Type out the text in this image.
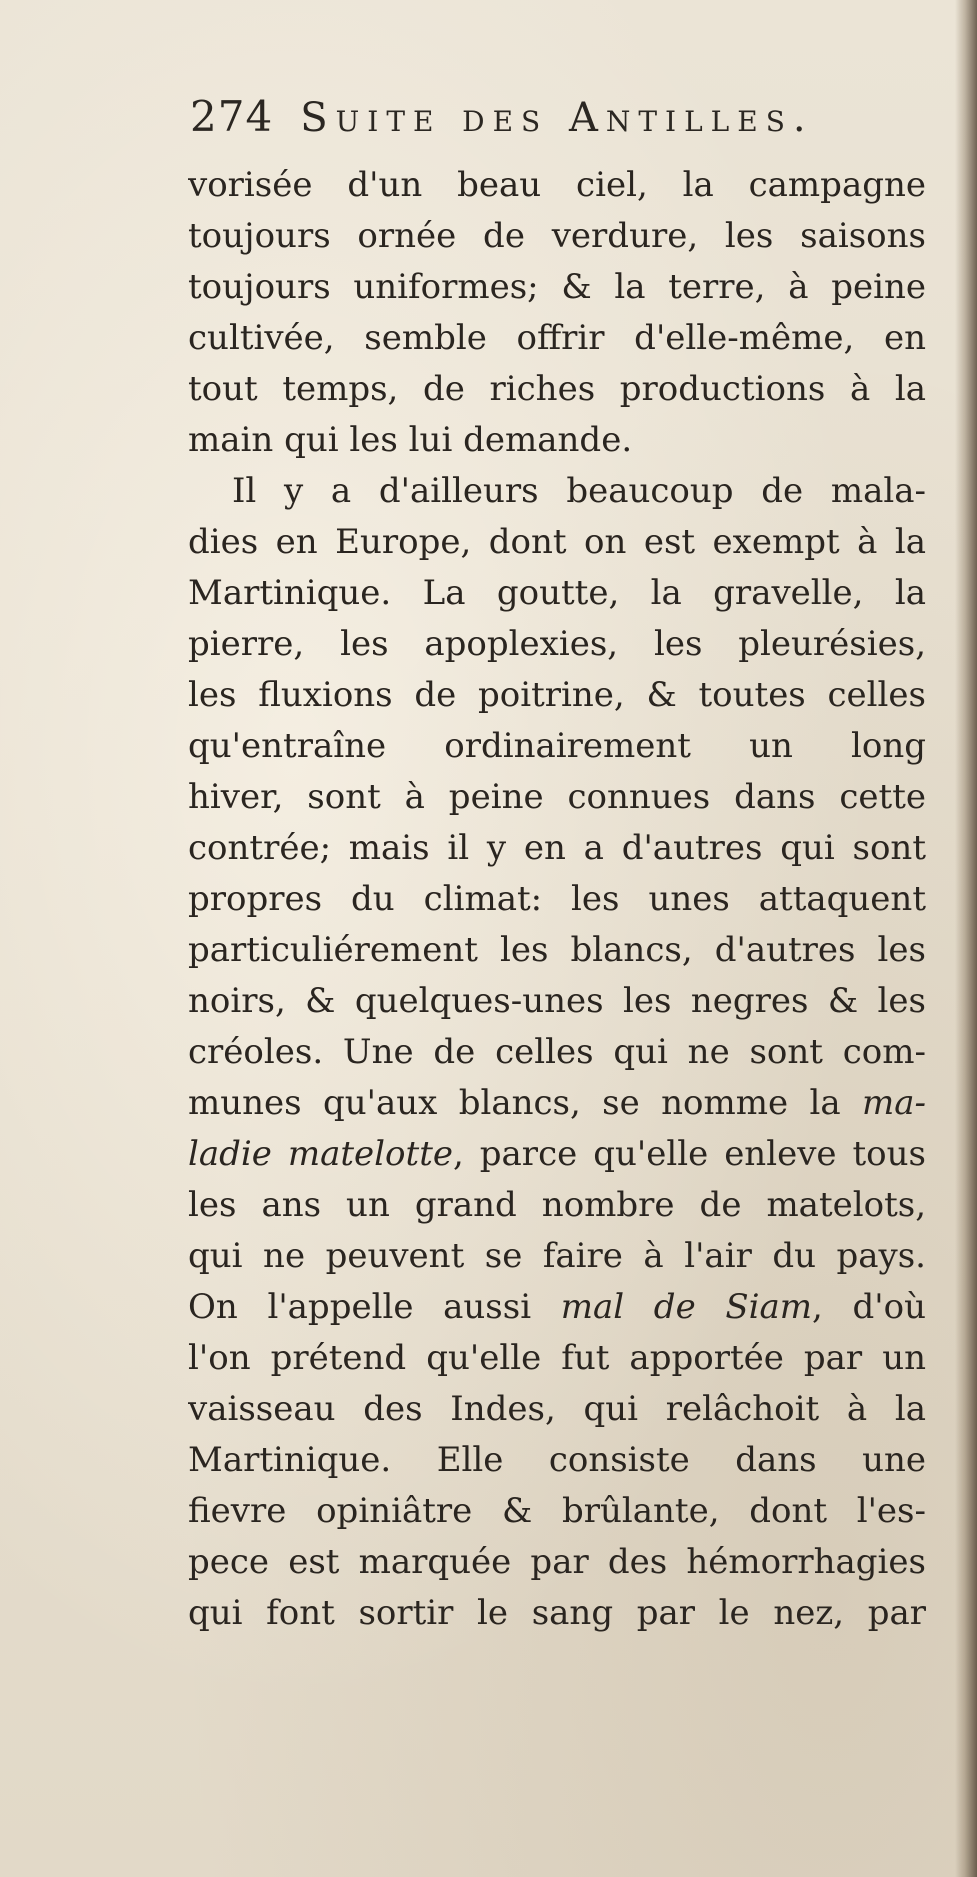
274 Suite des Antilles.
vorisée d'un beau ciel, la campagne
toujours ornée de verdure, les saisons
toujours uniformes; & la terre, à peine
cultivée, semble offrir d'elle-même, en
tout temps, de riches productions à la
main qui les lui demande.
Il y a d'ailleurs beaucoup de mala-
dies en Europe, dont on est exempt à la
Martinique. La goutte, la gravelle, la
pierre, les apoplexies, les pleurésies,
les fluxions de poitrine, & toutes celles
qu'entraîne ordinairement un long
hiver, sont à peine connues dans cette
contrée; mais il y en a d'autres qui sont
propres du climat: les unes attaquent
particuliérement les blancs, d'autres les
noirs, & quelques-unes les negres & les
créoles. Une de celles qui ne sont com-
munes qu'aux blancs, se nomme la ma-
ladie matelotte, parce qu'elle enleve tous
les ans un grand nombre de matelots,
qui ne peuvent se faire à l'air du pays.
On l'appelle aussi mal de Siam, d'où
l'on prétend qu'elle fut apportée par un
vaisseau des Indes, qui relâchoit à la
Martinique. Elle consiste dans une
fievre opiniâtre & brûlante, dont l'es-
pece est marquée par des hémorrhagies
qui font sortir le sang par le nez, par
